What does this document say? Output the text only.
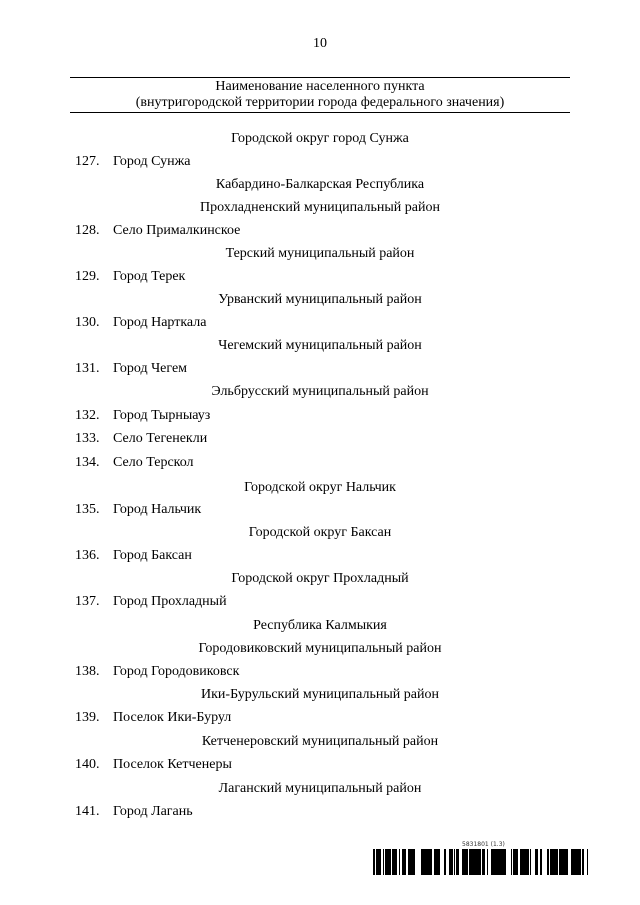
10
Наименование населенного пункта
(внутригородской территории города федерального значения)
Городской округ город Сунжа
127. Город Сунжа
Кабардино-Балкарская Республика
Прохладненский муниципальный район
128. Село Прималкинское
Терский муниципальный район
129. Город Терек
Урванский муниципальный район
130. Город Нарткала
Чегемский муниципальный район
131. Город Чегем
Эльбрусский муниципальный район
132. Город Тырныауз
133. Село Тегенекли
134. Село Терскол
Городской округ Нальчик
135. Город Нальчик
Городской округ Баксан
136. Город Баксан
Городской округ Прохладный
137. Город Прохладный
Республика Калмыкия
Городовиковский муниципальный район
138. Город Городовиковск
Ики-Бурульский муниципальный район
139. Поселок Ики-Бурул
Кетченеровский муниципальный район
140. Поселок Кетченеры
Лаганский муниципальный район
141. Город Лагань
5831801 (1.3)
